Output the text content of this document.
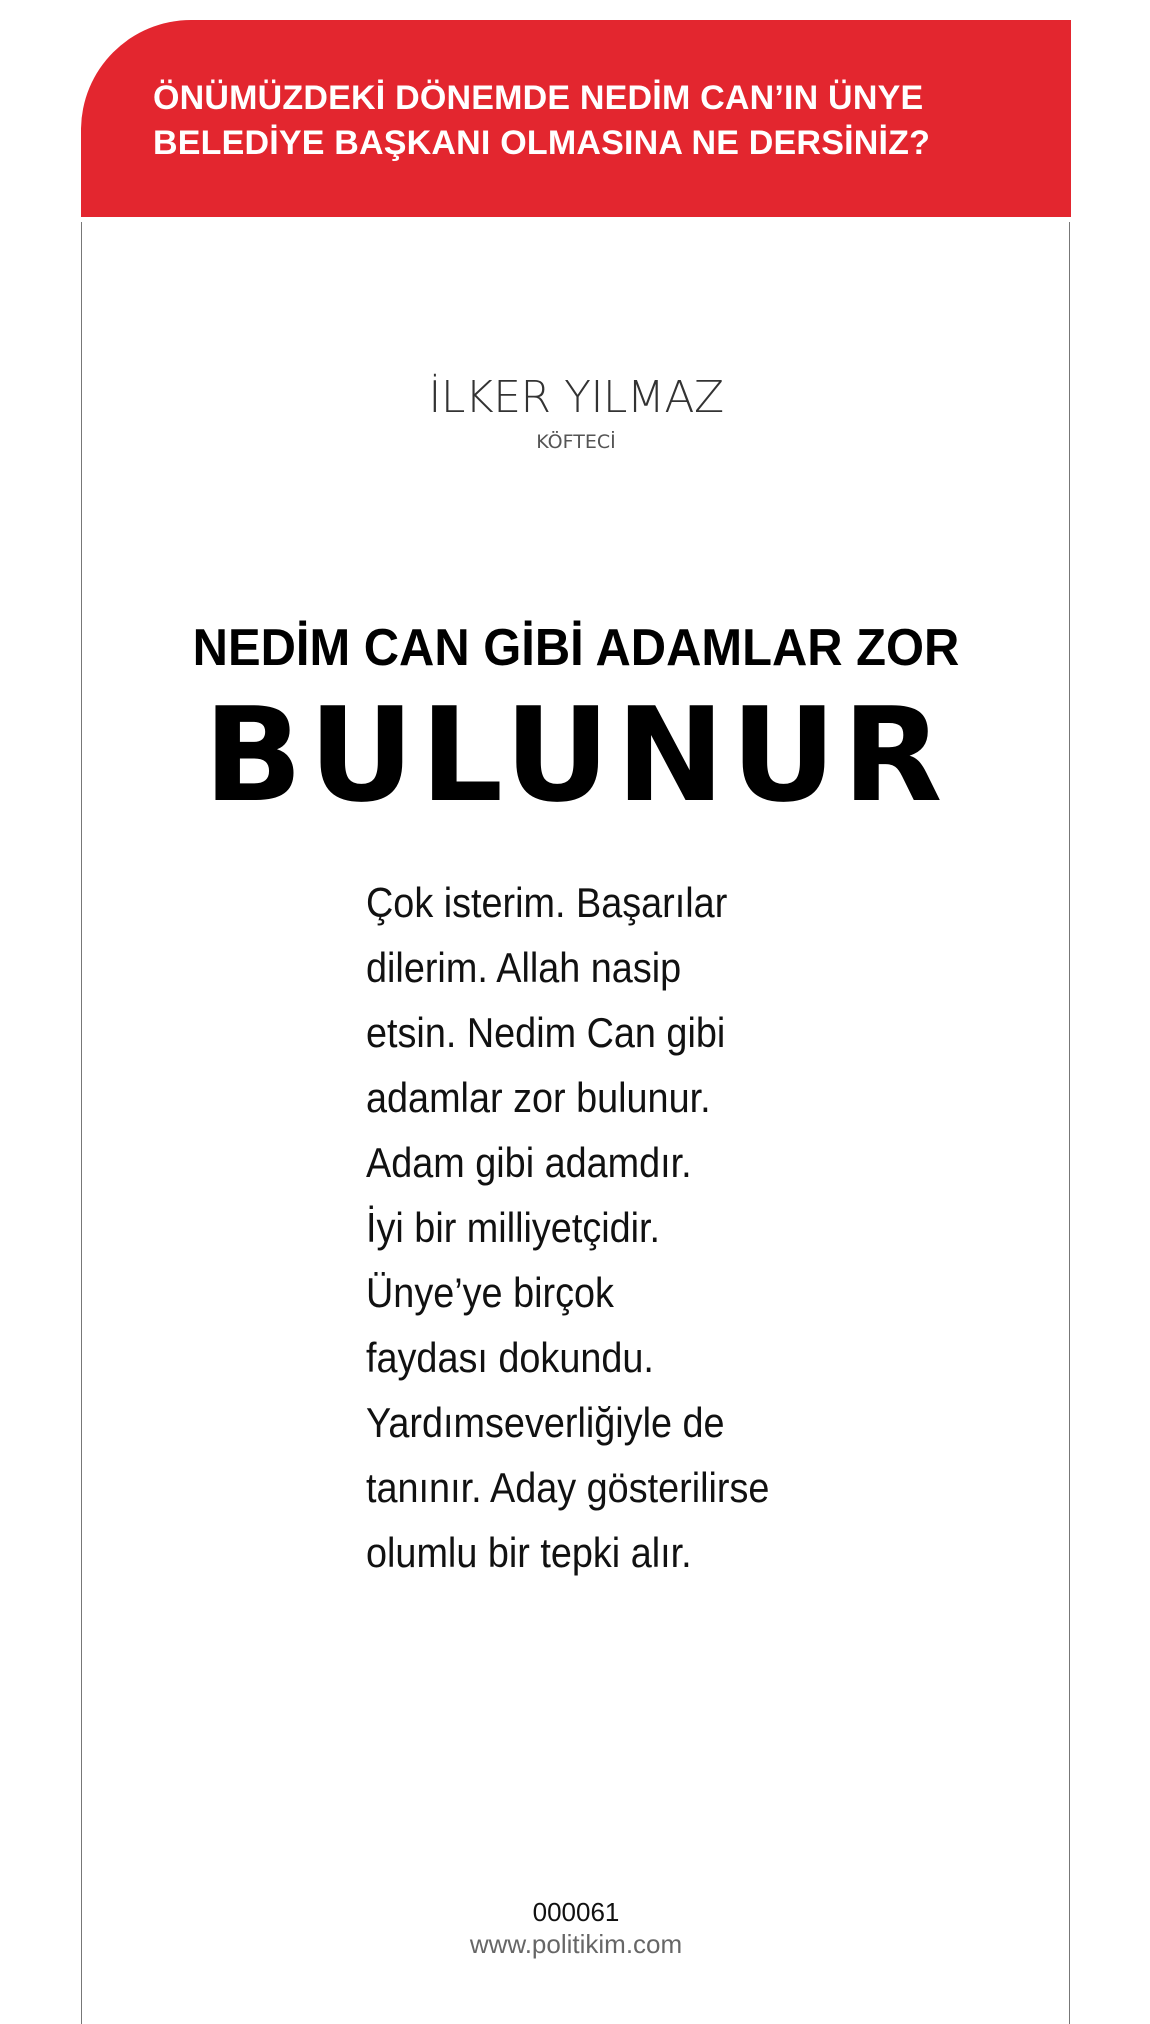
ÖNÜMÜZDEKİ DÖNEMDE NEDİM CAN’IN ÜNYE
BELEDİYE BAŞKANI OLMASINA NE DERSİNİZ?
İLKER YILMAZ
KÖFTECİ
NEDİM CAN GİBİ ADAMLAR ZOR
BULUNUR
Çok isterim. Başarılar
dilerim. Allah nasip
etsin. Nedim Can gibi
adamlar zor bulunur.
Adam gibi adamdır.
İyi bir milliyetçidir.
Ünye’ye birçok
faydası dokundu.
Yardımseverliğiyle de
tanınır. Aday gösterilirse
olumlu bir tepki alır.
000061
www.politikim.com
